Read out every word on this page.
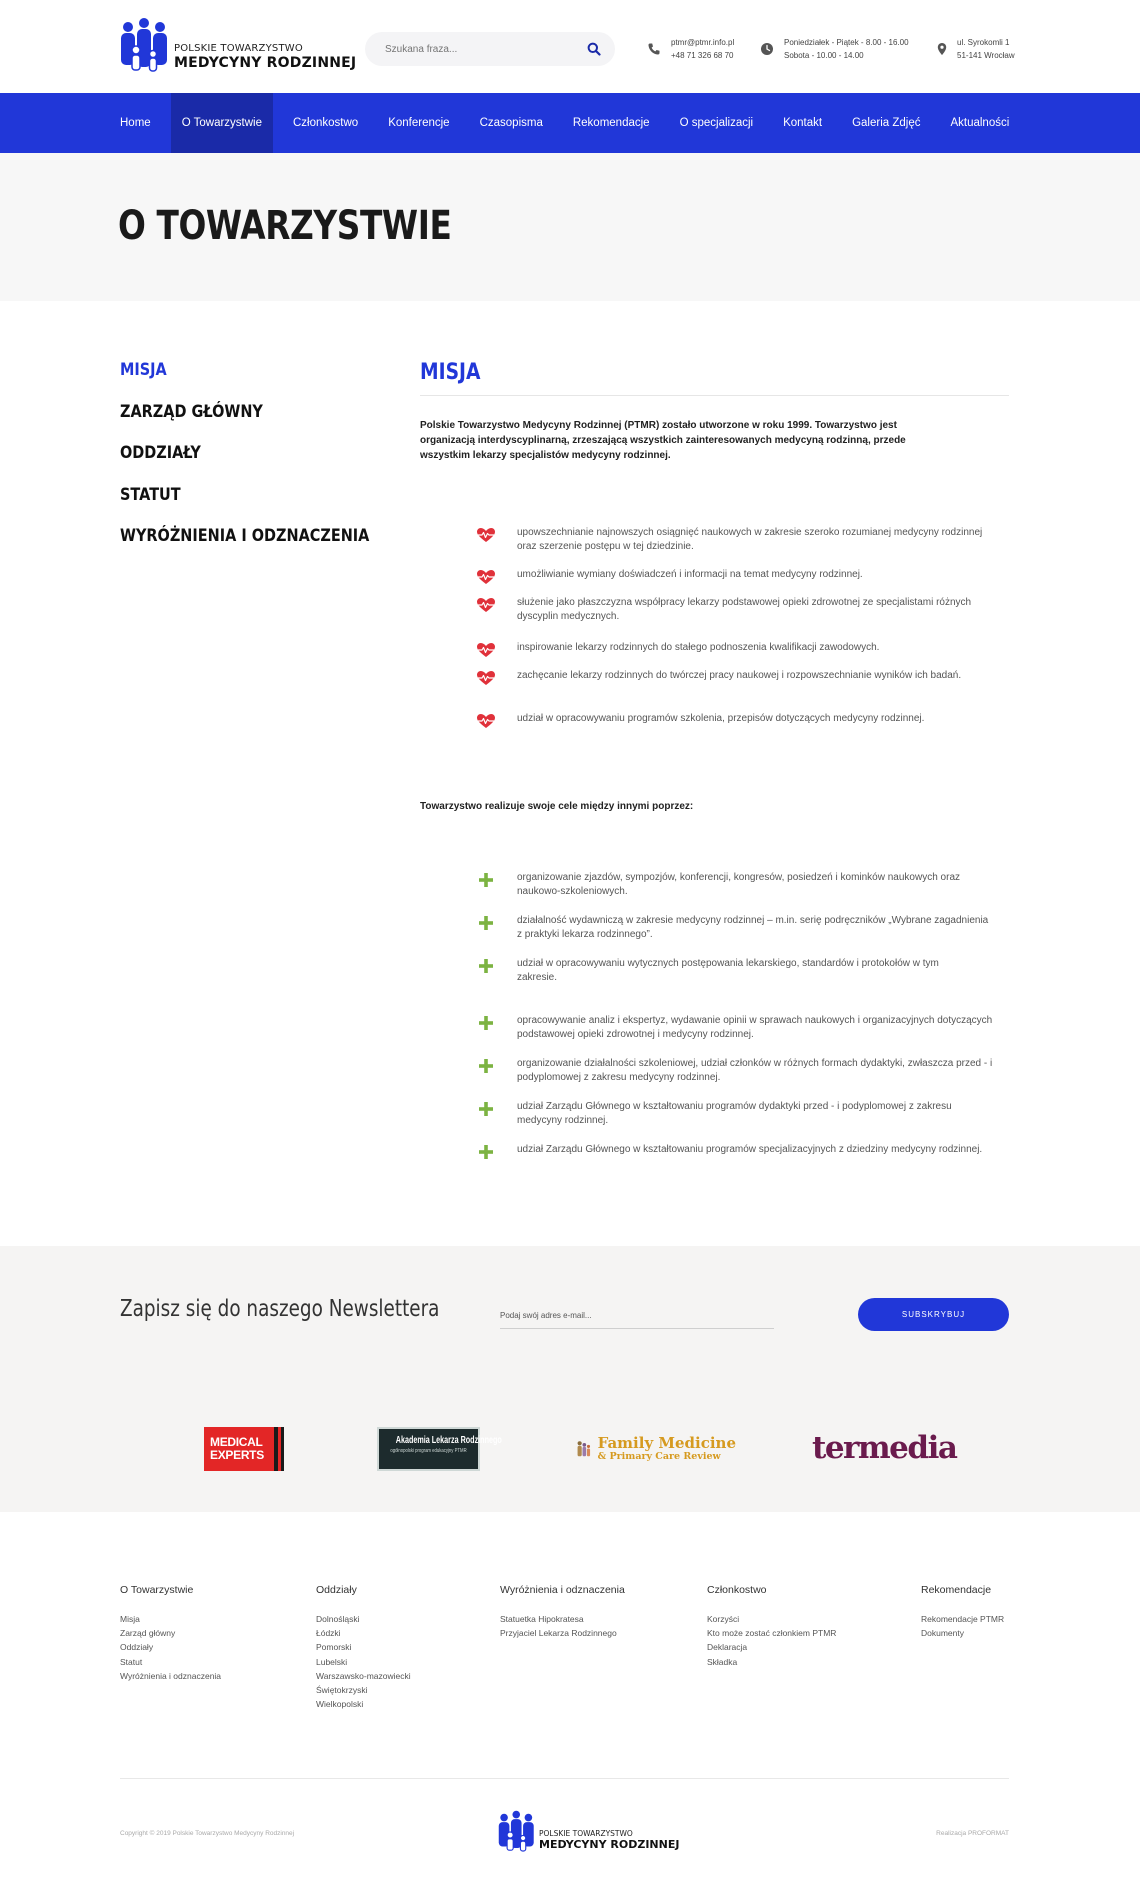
POLSKIE TOWARZYSTWO
MEDYCYNY RODZINNEJ
Szukana fraza...
ptmr@ptmr.info.pl
+48 71 326 68 70
Poniedziałek - Piątek - 8.00 - 16.00
Sobota - 10.00 - 14.00
ul. Syrokomli 1
51-141 Wrocław
Home	O Towarzystwie	Członkostwo	Konferencje	Czasopisma	Rekomendacje	O specjalizacji	Kontakt	Galeria Zdjęć	Aktualności
O TOWARZYSTWIE
MISJA
ZARZĄD GŁÓWNY
ODDZIAŁY
STATUT
WYRÓŻNIENIA I ODZNACZENIA
MISJA

Polskie Towarzystwo Medycyny Rodzinnej (PTMR) zostało utworzone w roku 1999. Towarzystwo jest organizacją interdyscyplinarną, zrzeszającą wszystkich zainteresowanych medycyną rodzinną, przede wszystkim lekarzy specjalistów medycyny rodzinnej.

upowszechnianie najnowszych osiągnięć naukowych w zakresie szeroko rozumianej medycyny rodzinnej oraz szerzenie postępu w tej dziedzinie.
umożliwianie wymiany doświadczeń i informacji na temat medycyny rodzinnej.
służenie jako płaszczyzna współpracy lekarzy podstawowej opieki zdrowotnej ze specjalistami różnych dyscyplin medycznych.
inspirowanie lekarzy rodzinnych do stałego podnoszenia kwalifikacji zawodowych.
zachęcanie lekarzy rodzinnych do twórczej pracy naukowej i rozpowszechnianie wyników ich badań.
udział w opracowywaniu programów szkolenia, przepisów dotyczących medycyny rodzinnej.
Towarzystwo realizuje swoje cele między innymi poprzez:
organizowanie zjazdów, sympozjów, konferencji, kongresów, posiedzeń i kominków naukowych oraz naukowo-szkoleniowych.
działalność wydawniczą w zakresie medycyny rodzinnej – m.in. serię podręczników „Wybrane zagadnienia z praktyki lekarza rodzinnego”.
udział w opracowywaniu wytycznych postępowania lekarskiego, standardów i protokołów w tym zakresie.
opracowywanie analiz i ekspertyz, wydawanie opinii w sprawach naukowych i organizacyjnych dotyczących podstawowej opieki zdrowotnej i medycyny rodzinnej.
organizowanie działalności szkoleniowej, udział członków w różnych formach dydaktyki, zwłaszcza przed - i podyplomowej z zakresu medycyny rodzinnej.
udział Zarządu Głównego w kształtowaniu programów dydaktyki przed - i podyplomowej z zakresu medycyny rodzinnej.
udział Zarządu Głównego w kształtowaniu programów specjalizacyjnych z dziedziny medycyny rodzinnej.
Zapisz się do naszego Newslettera	Podaj swój adres e-mail...	SUBSKRYBUJ
MEDICAL
EXPERTS
Akademia Lekarza Rodzinnego
ogólnopolski program edukacyjny PTMR	Family Medicine
& Primary Care Review	termedia
O Towarzystwie
Misja
Zarząd główny
Oddziały
Statut
Wyróżnienia i odznaczenia
Oddziały
Dolnośląski
Łódzki
Pomorski
Lubelski
Warszawsko-mazowiecki
Świętokrzyski
Wielkopolski
Wyróżnienia i odznaczenia
Statuetka Hipokratesa
Przyjaciel Lekarza Rodzinnego
Członkostwo
Korzyści
Kto może zostać członkiem PTMR
Deklaracja
Składka
Rekomendacje
Rekomendacje PTMR
Dokumenty
Copyright © 2019 Polskie Towarzystwo Medycyny Rodzinnej	POLSKIE TOWARZYSTWO
MEDYCYNY RODZINNEJ
Realizacja PROFORMAT
